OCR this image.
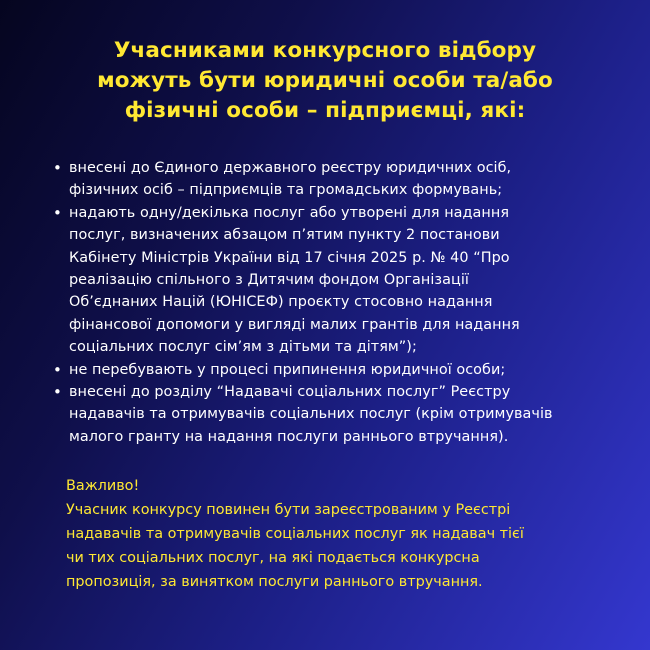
Учасниками конкурсного відбору
можуть бути юридичні особи та/або
фізичні особи – підприємці, які:
• внесені до Єдиного державного реєстру юридичних осіб,
фізичних осіб – підприємців та громадських формувань;
• надають одну/декілька послуг або утворені для надання
послуг, визначених абзацом п’ятим пункту 2 постанови
Кабінету Міністрів України від 17 січня 2025 р. № 40 “Про
реалізацію спільного з Дитячим фондом Організації
Об’єднаних Націй (ЮНІСЕФ) проєкту стосовно надання
фінансової допомоги у вигляді малих грантів для надання
соціальних послуг сім’ям з дітьми та дітям”);
• не перебувають у процесі припинення юридичної особи;
• внесені до розділу “Надавачі соціальних послуг” Реєстру
надавачів та отримувачів соціальних послуг (крім отримувачів
малого гранту на надання послуги раннього втручання).
Важливо!
Учасник конкурсу повинен бути зареєстрованим у Реєстрі
надавачів та отримувачів соціальних послуг як надавач тієї
чи тих соціальних послуг, на які подається конкурсна
пропозиція, за винятком послуги раннього втручання.
